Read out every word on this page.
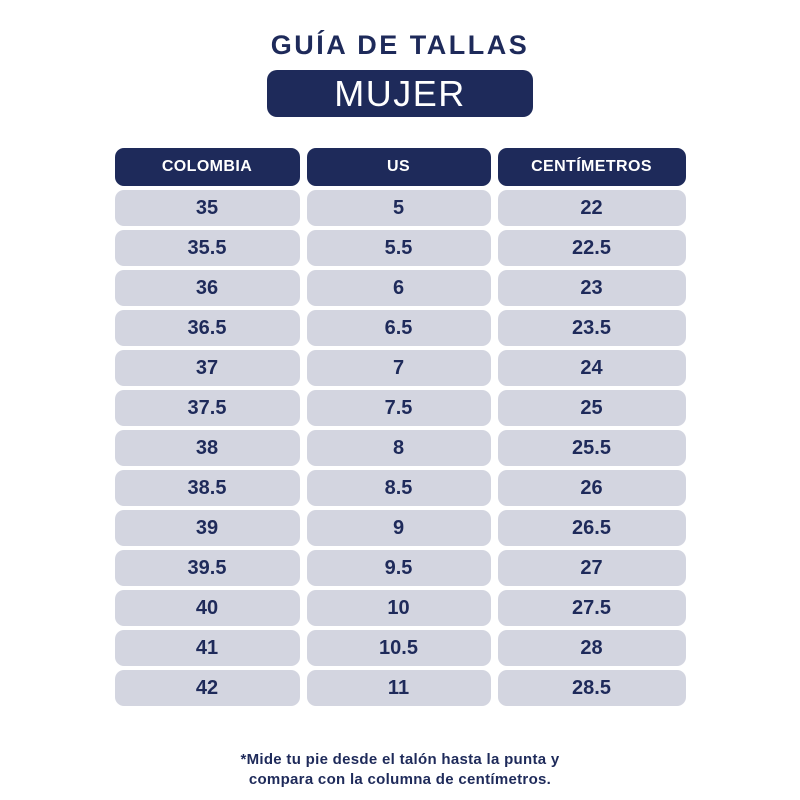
GUÍA DE TALLAS
MUJER
COLOMBIA	US	CENTÍMETROS
35	5	22
35.5	5.5	22.5
36	6	23
36.5	6.5	23.5
37	7	24
37.5	7.5	25
38	8	25.5
38.5	8.5	26
39	9	26.5
39.5	9.5	27
40	10	27.5
41	10.5	28
42	11	28.5
*Mide tu pie desde el talón hasta la punta y
compara con la columna de centímetros.
